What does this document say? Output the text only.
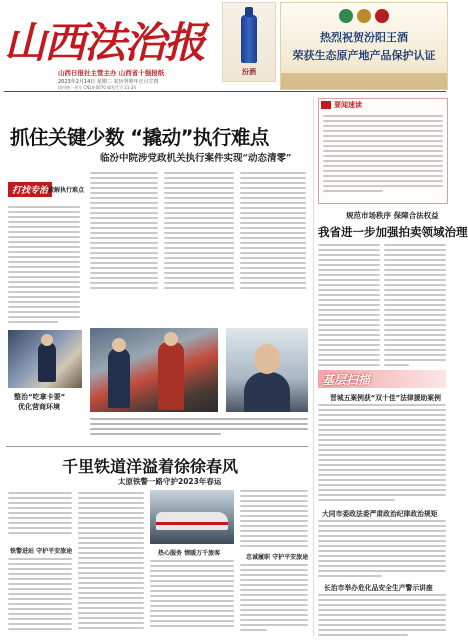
山西法治报
山西日报社主管主办 山西省十强报纸
2023年2月14日 星期二 农历癸卯年正月廿四
国内统一刊号 CN14-0070 邮发代号 21-24
汾酒
热烈祝贺汾阳王酒
荣获生态原产地产品保护认证
抓住关键少数 “撬动”执行难点
临汾中院涉党政机关执行案件实现“动态清零”
打找专治 破解执行难点
整治“吃拿卡要”
优化营商环境
要闻速读
规范市场秩序 保障合法权益
我省进一步加强拍卖领域治理
基层扫描
晋城五案例获“双十佳”法律援助案例
大同市委政法委严肃政治纪律政治规矩
长治市举办危化品安全生产警示讲座
千里铁道洋溢着徐徐春风
太原铁警一路守护2023年春运
铁警进站 守护平安旅途	热心服务 情暖万千旅客
忠诚履职 守护平安旅途
